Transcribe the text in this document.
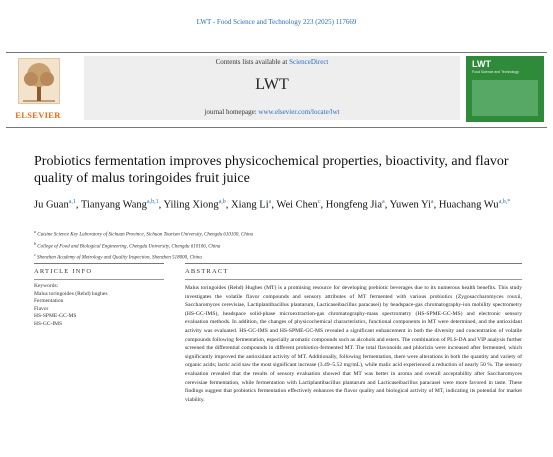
LWT - Food Science and Technology 223 (2025) 117669
ELSEVIER
Contents lists available at ScienceDirect
LWT
journal homepage: www.elsevier.com/locate/lwt
LWT
Food Science and Technology
Probiotics fermentation improves physicochemical properties, bioactivity, and flavor quality of malus toringoides fruit juice
Ju Guan$^{a,1}$, Tianyang Wang$^{a,b,1}$, Yiling Xiong$^{a,b}$, Xiang Li$^a$, Wei Chen$^c$, Hongfeng Jia$^a$, Yuwen Yi$^a$, Huachang $Wu^{a,b,*}$
$^a$ Cuisine Science Key Laboratory of Sichuan Province, Sichuan Tourism University, Chengdu 610100, China
$^b$ College of Food and Biological Engineering, Chengdu University, Chengdu 610106, China
$^c$ Shenzhen Academy of Metrology and Quality Inspection, Shenzhen 518000, China
ARTICLE INFO	ABSTRACT
Keywords:
Malus toringoides (Rehd) hughes
Fermentation
Flavor
HS-SPME-GC-MS
HS-GC-IMS
Malus toringoides (Rehd) Hughes (MT) is a promising resource for developing prebiotic beverages due to its numerous health benefits. This study investigates the volatile flavor compounds and sensory attributes of MT fermented with various probiotics (Zygosaccharomyces rouxii, Saccharomyces cerevisiae, Lactiplantibacillus plantarum, Lacticaseibacillus paracasei) by headspace-gas chromatography-ion mobility spectrometry (HS-GC-IMS), headspace solid-phase microextraction-gas chromatography-mass spectrometry (HS-SPME-GC-MS) and electronic sensory evaluation methods. In addition, the changes of physicochemical characteristics, functional components in MT were determined, and the antioxidant activity was evaluated. HS-GC-IMS and HS-SPME-GC-MS revealed a significant enhancement in both the diversity and concentration of volatile compounds following fermentation, especially aromatic compounds such as alcohols and esters. The combination of PLS-DA and VIP analysis further screened the differential compounds in different probiotics-fermented MT. The total flavonoids and phlorizin were increased after fermented, which significantly improved the antioxidant activity of MT. Additionally, following fermentation, there were alterations in both the quantity and variety of organic acids; lactic acid saw the most significant increase (3.49–5.52 mg/mL), while malic acid experienced a reduction of nearly 50 %. The sensory evaluation revealed that the results of sensory evaluation showed that MT was better in aroma and overall acceptability after Saccharomyces cerevisiae fermentation, while fermentation with Lactiplantibacillus plantarum and Lacticaseibacillus paracasei were more favored in taste. These findings suggest that probiotics fermentation effectively enhances the flavor quality and biological activity of MT, indicating its potential for market viability.
